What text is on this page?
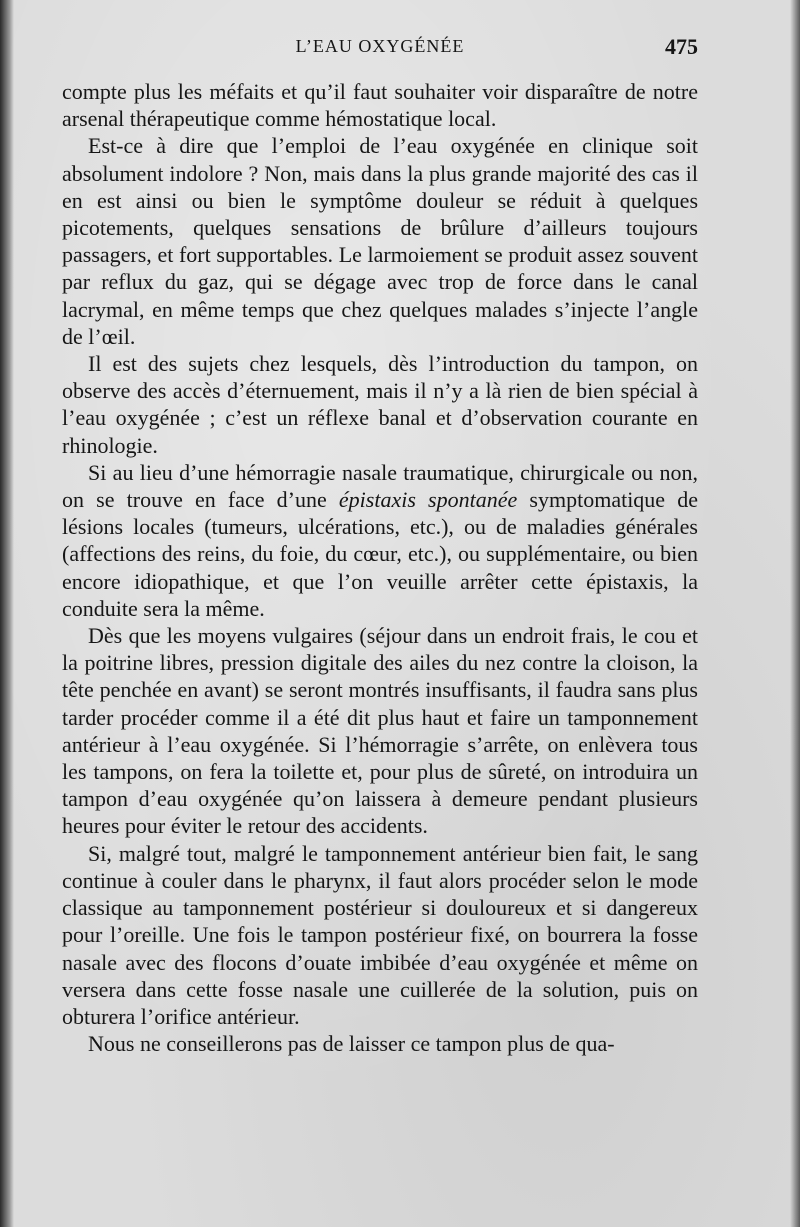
L’EAU OXYGÉNÉE	475

compte plus les méfaits et qu’il faut souhaiter voir disparaître de notre arsenal thérapeutique comme hémostatique local.

Est-ce à dire que l’emploi de l’eau oxygénée en clinique soit absolument indolore ? Non, mais dans la plus grande majorité des cas il en est ainsi ou bien le symptôme douleur se réduit à quelques picotements, quelques sensations de brûlure d’ailleurs toujours passagers, et fort supportables. Le larmoiement se produit assez souvent par reflux du gaz, qui se dégage avec trop de force dans le canal lacrymal, en même temps que chez quelques malades s’injecte l’angle de l’œil.

Il est des sujets chez lesquels, dès l’introduction du tampon, on observe des accès d’éternuement, mais il n’y a là rien de bien spécial à l’eau oxygénée ; c’est un réflexe banal et d’observation courante en rhinologie.

Si au lieu d’une hémorragie nasale traumatique, chirurgicale ou non, on se trouve en face d’une épistaxis spontanée symptomatique de lésions locales (tumeurs, ulcérations, etc.), ou de maladies générales (affections des reins, du foie, du cœur, etc.), ou supplémentaire, ou bien encore idiopathique, et que l’on veuille arrêter cette épistaxis, la conduite sera la même.

Dès que les moyens vulgaires (séjour dans un endroit frais, le cou et la poitrine libres, pression digitale des ailes du nez contre la cloison, la tête penchée en avant) se seront montrés insuffisants, il faudra sans plus tarder procéder comme il a été dit plus haut et faire un tamponnement antérieur à l’eau oxygénée. Si l’hémorragie s’arrête, on enlèvera tous les tampons, on fera la toilette et, pour plus de sûreté, on introduira un tampon d’eau oxygénée qu’on laissera à demeure pendant plusieurs heures pour éviter le retour des accidents.

Si, malgré tout, malgré le tamponnement antérieur bien fait, le sang continue à couler dans le pharynx, il faut alors procéder selon le mode classique au tamponnement postérieur si douloureux et si dangereux pour l’oreille. Une fois le tampon postérieur fixé, on bourrera la fosse nasale avec des flocons d’ouate imbibée d’eau oxygénée et même on versera dans cette fosse nasale une cuillerée de la solution, puis on obturera l’orifice antérieur.

Nous ne conseillerons pas de laisser ce tampon plus de qua-
